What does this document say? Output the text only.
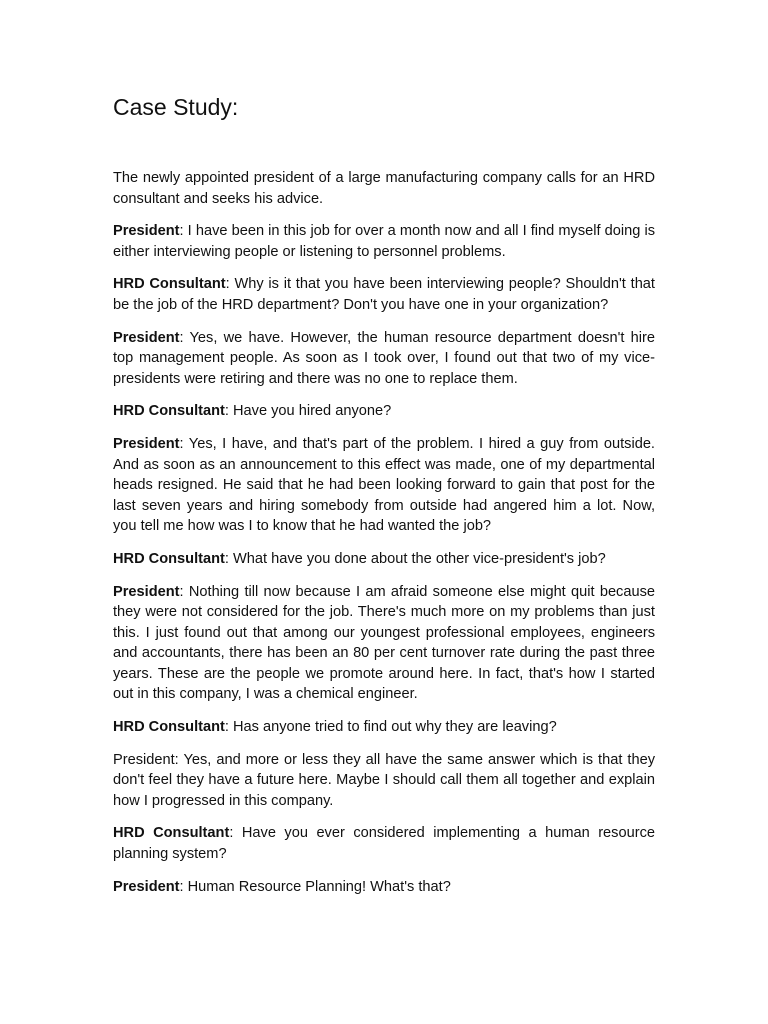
Case Study:

The newly appointed president of a large manufacturing company calls for an HRD consultant and seeks his advice.

President: I have been in this job for over a month now and all I find myself doing is either interviewing people or listening to personnel problems.

HRD Consultant: Why is it that you have been interviewing people? Shouldn't that be the job of the HRD department? Don't you have one in your organization?

President: Yes, we have. However, the human resource department doesn't hire top management people. As soon as I took over, I found out that two of my vice-presidents were retiring and there was no one to replace them.

HRD Consultant: Have you hired anyone?

President: Yes, I have, and that's part of the problem. I hired a guy from outside. And as soon as an announcement to this effect was made, one of my departmental heads resigned. He said that he had been looking forward to gain that post for the last seven years and hiring somebody from outside had angered him a lot. Now, you tell me how was I to know that he had wanted the job?

HRD Consultant: What have you done about the other vice-president's job?

President: Nothing till now because I am afraid someone else might quit because they were not considered for the job. There's much more on my problems than just this. I just found out that among our youngest professional employees, engineers and accountants, there has been an 80 per cent turnover rate during the past three years. These are the people we promote around here. In fact, that's how I started out in this company, I was a chemical engineer.

HRD Consultant: Has anyone tried to find out why they are leaving?

President: Yes, and more or less they all have the same answer which is that they don't feel they have a future here. Maybe I should call them all together and explain how I progressed in this company.

HRD Consultant: Have you ever considered implementing a human resource planning system?

President: Human Resource Planning! What's that?
